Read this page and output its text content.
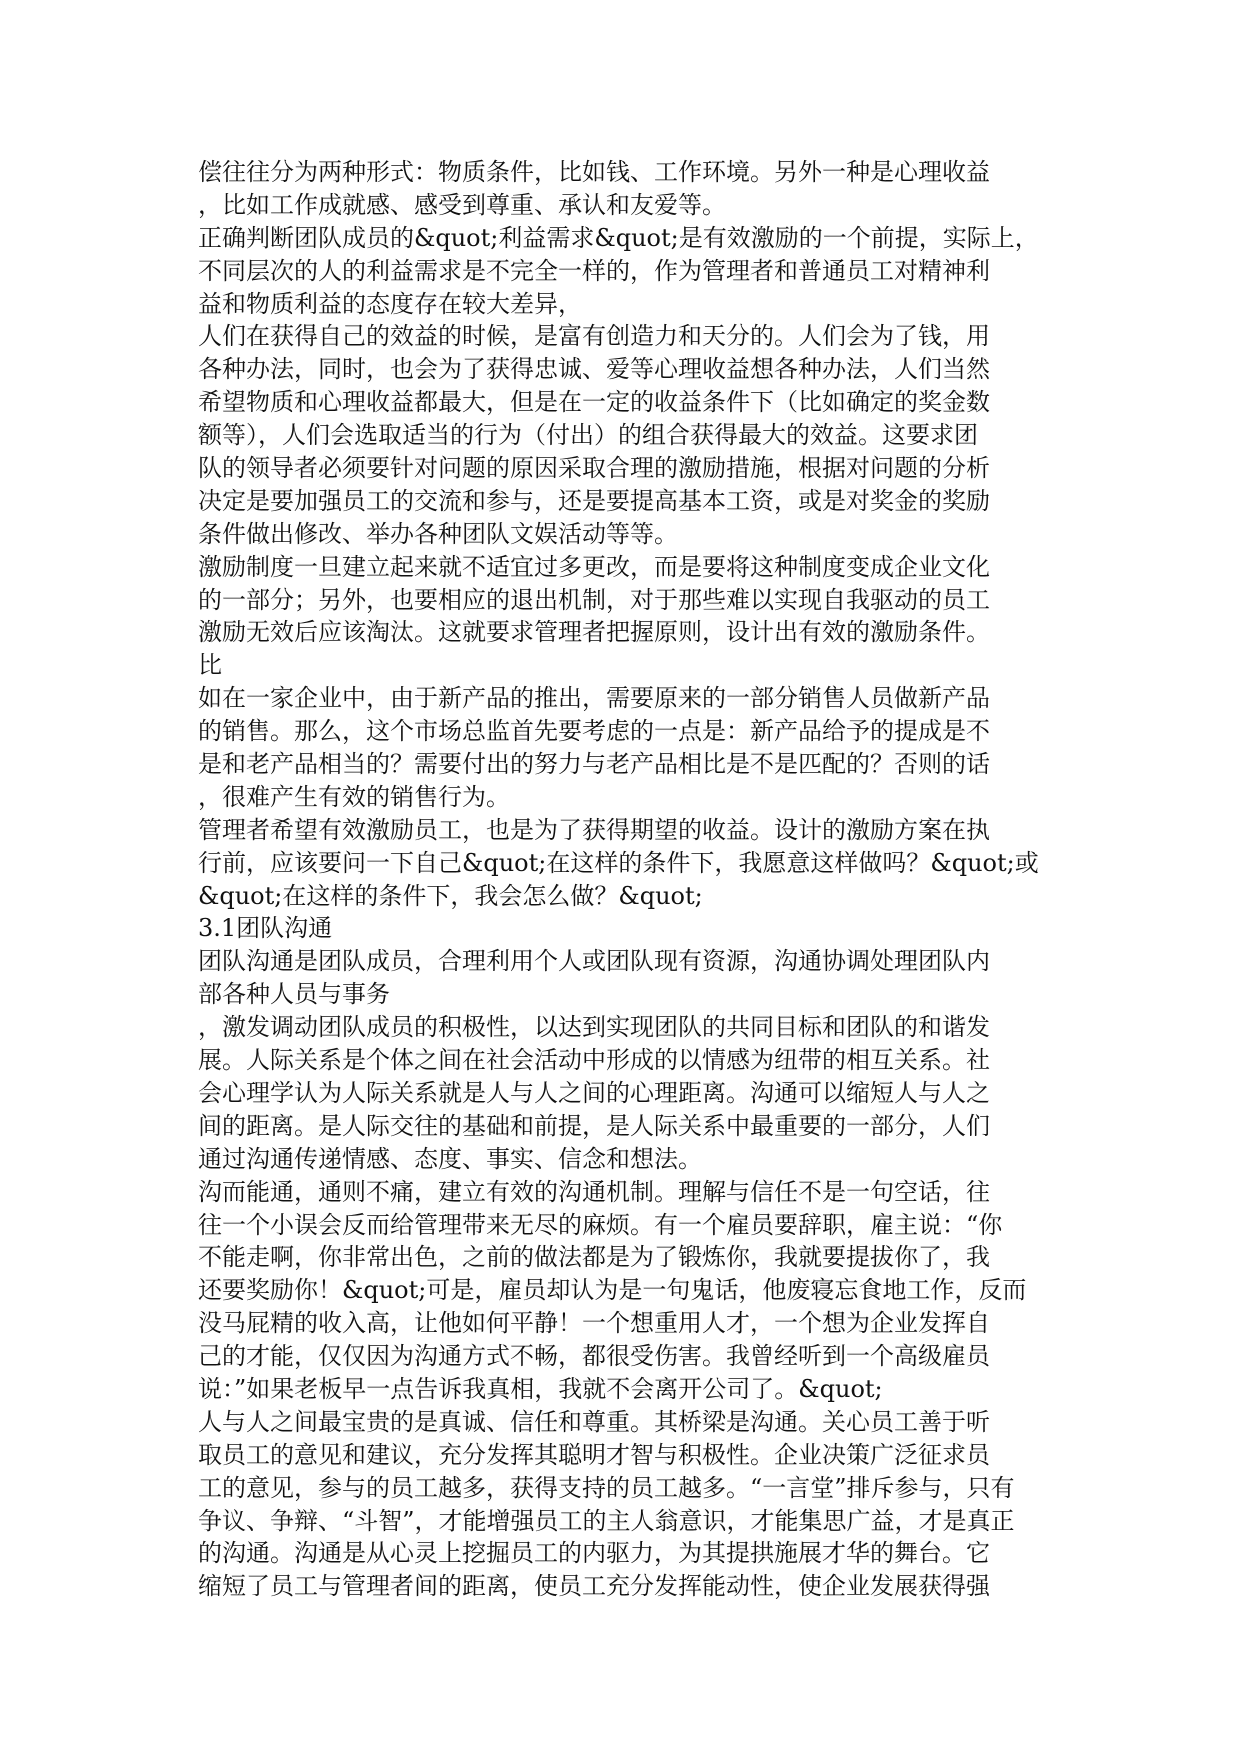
偿往往分为两种形式：物质条件，比如钱、工作环境。另外一种是心理收益
，比如工作成就感、感受到尊重、承认和友爱等。
正确判断团队成员的&quot;利益需求&quot;是有效激励的一个前提，实际上，
不同层次的人的利益需求是不完全一样的，作为管理者和普通员工对精神利
益和物质利益的态度存在较大差异，
人们在获得自己的效益的时候，是富有创造力和天分的。人们会为了钱，用
各种办法，同时，也会为了获得忠诚、爱等心理收益想各种办法，人们当然
希望物质和心理收益都最大，但是在一定的收益条件下（比如确定的奖金数
额等），人们会选取适当的行为（付出）的组合获得最大的效益。这要求团
队的领导者必须要针对问题的原因采取合理的激励措施，根据对问题的分析
决定是要加强员工的交流和参与，还是要提高基本工资，或是对奖金的奖励
条件做出修改、举办各种团队文娱活动等等。
激励制度一旦建立起来就不适宜过多更改，而是要将这种制度变成企业文化
的一部分；另外，也要相应的退出机制，对于那些难以实现自我驱动的员工
激励无效后应该淘汰。这就要求管理者把握原则，设计出有效的激励条件。
比
如在一家企业中，由于新产品的推出，需要原来的一部分销售人员做新产品
的销售。那么，这个市场总监首先要考虑的一点是：新产品给予的提成是不
是和老产品相当的？需要付出的努力与老产品相比是不是匹配的？否则的话
，很难产生有效的销售行为。
管理者希望有效激励员工，也是为了获得期望的收益。设计的激励方案在执
行前，应该要问一下自己&quot;在这样的条件下，我愿意这样做吗？&quot;或
&quot;在这样的条件下，我会怎么做？&quot;
3.1团队沟通
团队沟通是团队成员，合理利用个人或团队现有资源，沟通协调处理团队内
部各种人员与事务
，激发调动团队成员的积极性，以达到实现团队的共同目标和团队的和谐发
展。人际关系是个体之间在社会活动中形成的以情感为纽带的相互关系。社
会心理学认为人际关系就是人与人之间的心理距离。沟通可以缩短人与人之
间的距离。是人际交往的基础和前提，是人际关系中最重要的一部分，人们
通过沟通传递情感、态度、事实、信念和想法。
沟而能通，通则不痛，建立有效的沟通机制。理解与信任不是一句空话，往
往一个小误会反而给管理带来无尽的麻烦。有一个雇员要辞职，雇主说：“你
不能走啊，你非常出色，之前的做法都是为了锻炼你，我就要提拔你了，我
还要奖励你！&quot;可是，雇员却认为是一句鬼话，他废寝忘食地工作，反而
没马屁精的收入高，让他如何平静！一个想重用人才，一个想为企业发挥自
己的才能，仅仅因为沟通方式不畅，都很受伤害。我曾经听到一个高级雇员
说：”如果老板早一点告诉我真相，我就不会离开公司了。&quot;
人与人之间最宝贵的是真诚、信任和尊重。其桥梁是沟通。关心员工善于听
取员工的意见和建议，充分发挥其聪明才智与积极性。企业决策广泛征求员
工的意见，参与的员工越多，获得支持的员工越多。“一言堂”排斥参与，只有
争议、争辩、“斗智”，才能增强员工的主人翁意识，才能集思广益，才是真正
的沟通。沟通是从心灵上挖掘员工的内驱力，为其提拱施展才华的舞台。它
缩短了员工与管理者间的距离，使员工充分发挥能动性，使企业发展获得强
